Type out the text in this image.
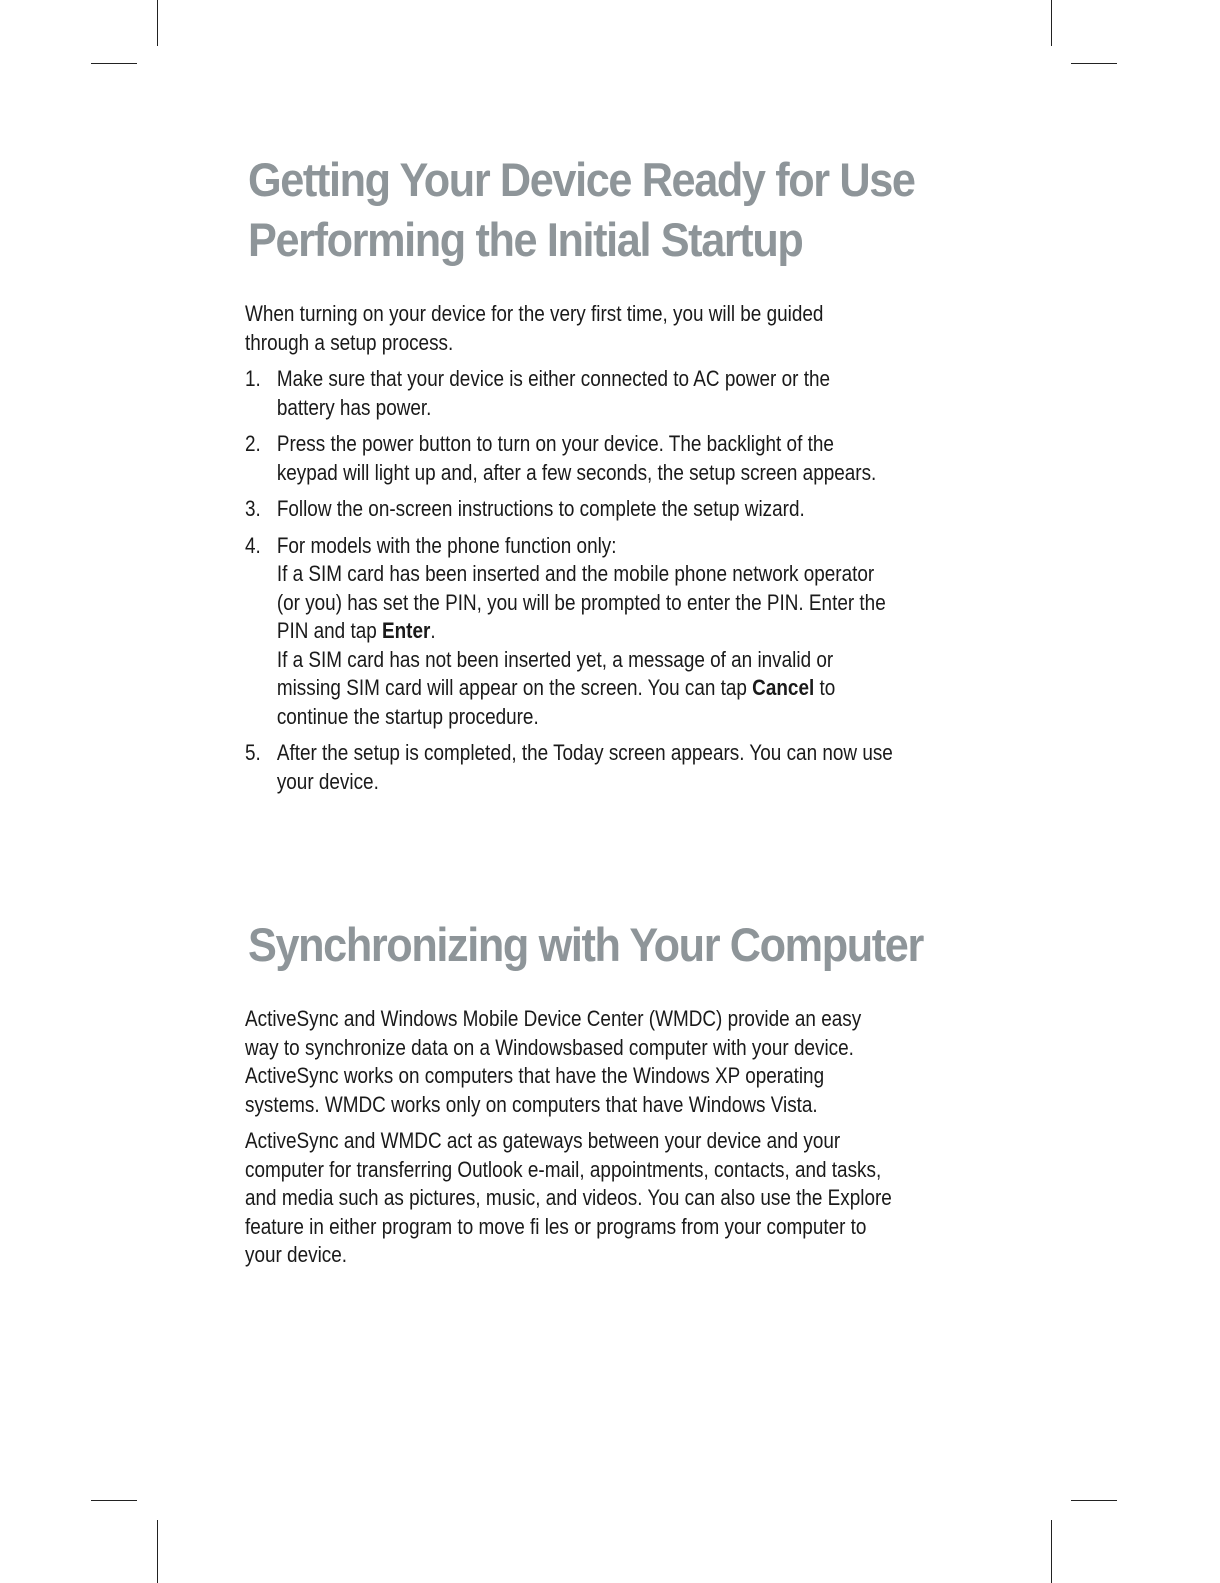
Getting Your Device Ready for Use
Performing the Initial Startup
When turning on your device for the very first time, you will be guided
through a setup process.
1. Make sure that your device is either connected to AC power or the
battery has power.
2. Press the power button to turn on your device. The backlight of the
keypad will light up and, after a few seconds, the setup screen appears.
3. Follow the on-screen instructions to complete the setup wizard.
4. For models with the phone function only:
If a SIM card has been inserted and the mobile phone network operator
(or you) has set the PIN, you will be prompted to enter the PIN. Enter the
PIN and tap Enter.
If a SIM card has not been inserted yet, a message of an invalid or
missing SIM card will appear on the screen. You can tap Cancel to
continue the startup procedure.
5. After the setup is completed, the Today screen appears. You can now use
your device.
Synchronizing with Your Computer
ActiveSync and Windows Mobile Device Center (WMDC) provide an easy
way to synchronize data on a Windowsbased computer with your device.
ActiveSync works on computers that have the Windows XP operating
systems. WMDC works only on computers that have Windows Vista.
ActiveSync and WMDC act as gateways between your device and your
computer for transferring Outlook e-mail, appointments, contacts, and tasks,
and media such as pictures, music, and videos. You can also use the Explore
feature in either program to move fi les or programs from your computer to
your device.
